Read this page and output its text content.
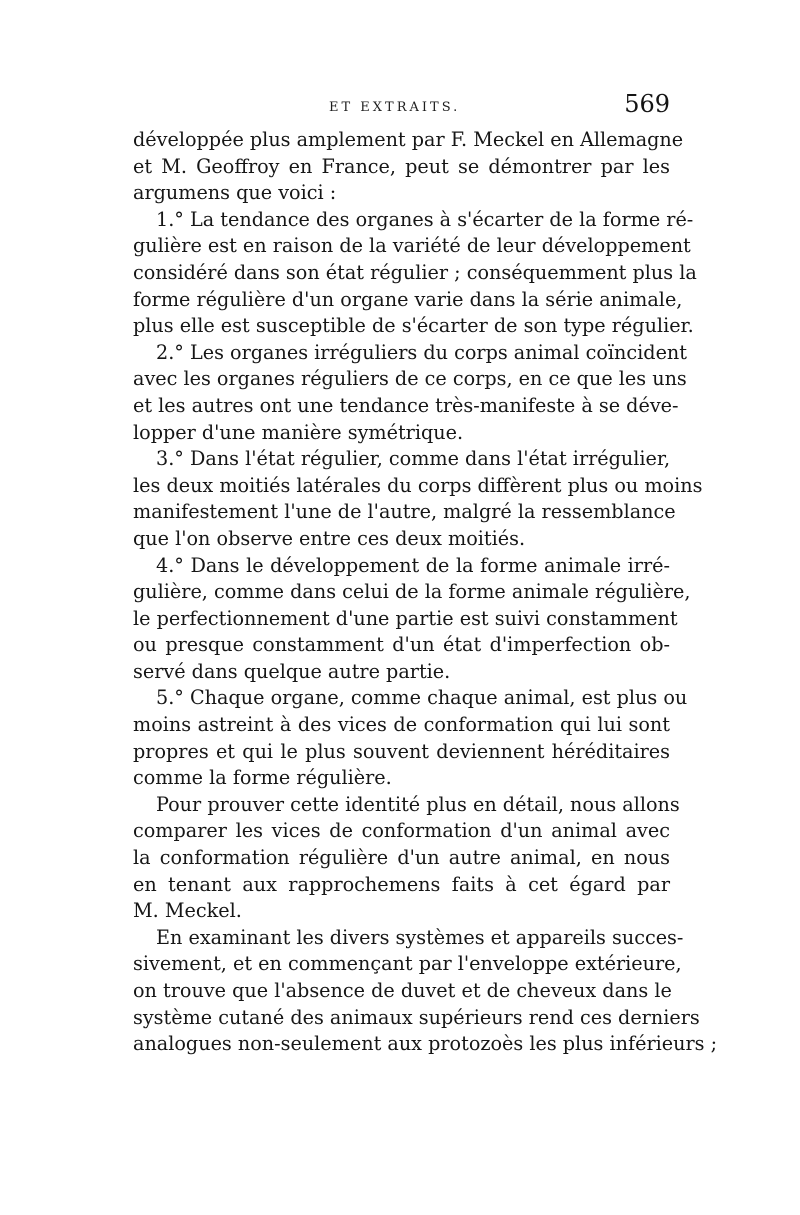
ET EXTRAITS.	569
développée plus amplement par F. Meckel en Allemagne
et M. Geoffroy en France, peut se démontrer par les
argumens que voici :
1.° La tendance des organes à s'écarter de la forme ré-
gulière est en raison de la variété de leur développement
considéré dans son état régulier ; conséquemment plus la
forme régulière d'un organe varie dans la série animale,
plus elle est susceptible de s'écarter de son type régulier.
2.° Les organes irréguliers du corps animal coïncident
avec les organes réguliers de ce corps, en ce que les uns
et les autres ont une tendance très-manifeste à se déve-
lopper d'une manière symétrique.
3.° Dans l'état régulier, comme dans l'état irrégulier,
les deux moitiés latérales du corps diffèrent plus ou moins
manifestement l'une de l'autre, malgré la ressemblance
que l'on observe entre ces deux moitiés.
4.° Dans le développement de la forme animale irré-
gulière, comme dans celui de la forme animale régulière,
le perfectionnement d'une partie est suivi constamment
ou presque constamment d'un état d'imperfection ob-
servé dans quelque autre partie.
5.° Chaque organe, comme chaque animal, est plus ou
moins astreint à des vices de conformation qui lui sont
propres et qui le plus souvent deviennent héréditaires
comme la forme régulière.
Pour prouver cette identité plus en détail, nous allons
comparer les vices de conformation d'un animal avec
la conformation régulière d'un autre animal, en nous
en tenant aux rapprochemens faits à cet égard par
M. Meckel.
En examinant les divers systèmes et appareils succes-
sivement, et en commençant par l'enveloppe extérieure,
on trouve que l'absence de duvet et de cheveux dans le
système cutané des animaux supérieurs rend ces derniers
analogues non-seulement aux protozoès les plus inférieurs ;
